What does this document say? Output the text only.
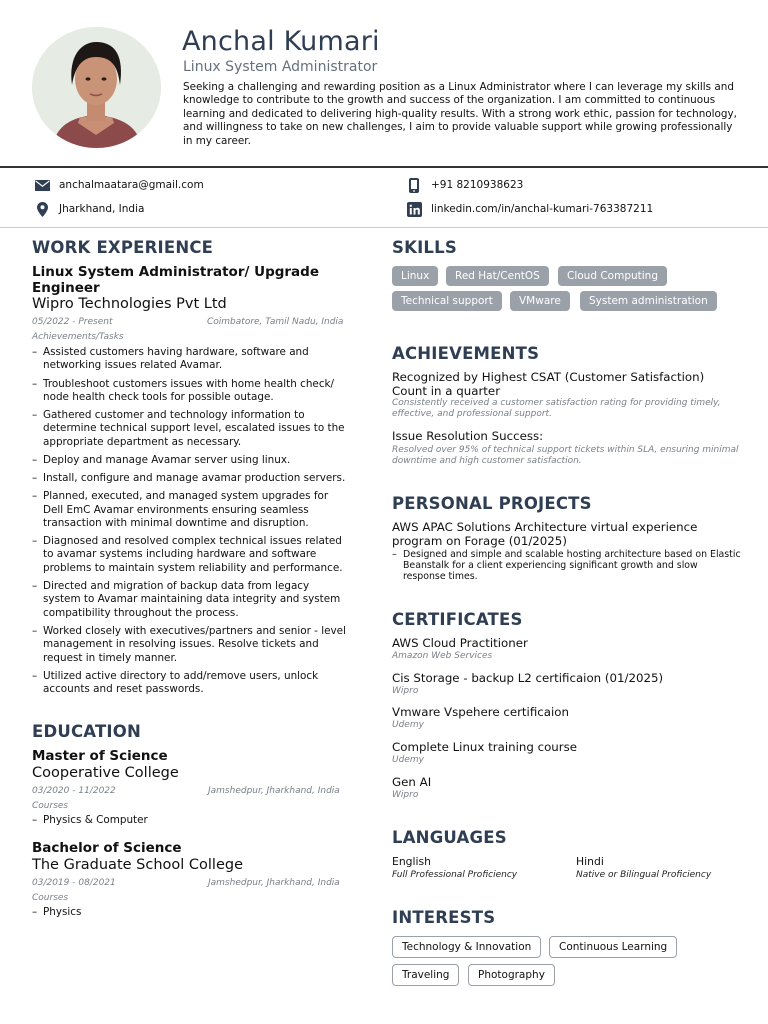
Anchal Kumari
Linux System Administrator
Seeking a challenging and rewarding position as a Linux Administrator where I can leverage my skills and knowledge to contribute to the growth and success of the organization. I am committed to continuous learning and dedicated to delivering high-quality results. With a strong work ethic, passion for technology, and willingness to take on new challenges, I aim to provide valuable support while growing professionally in my career.
anchalmaatara@gmail.com	+91 8210938623
Jharkhand, India	linkedin.com/in/anchal-kumari-763387211
WORK EXPERIENCE
Linux System Administrator/ Upgrade Engineer
Wipro Technologies Pvt Ltd
05/2022 - Present	Coimbatore, Tamil Nadu, India
Achievements/Tasks
– Assisted customers having hardware, software and networking issues related Avamar.
– Troubleshoot customers issues with home health check/ node health check tools for possible outage.
– Gathered customer and technology information to determine technical support level, escalated issues to the appropriate department as necessary.
– Deploy and manage Avamar server using linux.
– Install, configure and manage avamar production servers.
– Planned, executed, and managed system upgrades for Dell EmC Avamar environments ensuring seamless transaction with minimal downtime and disruption.
– Diagnosed and resolved complex technical issues related to avamar systems including hardware and software problems to maintain system reliability and performance.
– Directed and migration of backup data from legacy system to Avamar maintaining data integrity and system compatibility throughout the process.
– Worked closely with executives/partners and senior - level management in resolving issues. Resolve tickets and request in timely manner.
– Utilized active directory to add/remove users, unlock accounts and reset passwords.
EDUCATION
Master of Science
Cooperative College
03/2020 - 11/2022	Jamshedpur, Jharkhand, India
Courses
– Physics & Computer
Bachelor of Science
The Graduate School College
03/2019 - 08/2021	Jamshedpur, Jharkhand, India
Courses
– Physics
SKILLS
Linux	Red Hat/CentOS	Cloud Computing
Technical support	VMware	System administration
ACHIEVEMENTS
Recognized by Highest CSAT (Customer Satisfaction) Count in a quarter
Consistently received a customer satisfaction rating for providing timely, effective, and professional support.
Issue Resolution Success:
Resolved over 95% of technical support tickets within SLA, ensuring minimal downtime and high customer satisfaction.
PERSONAL PROJECTS
AWS APAC Solutions Architecture virtual experience program on Forage (01/2025)
– Designed and simple and scalable hosting architecture based on Elastic Beanstalk for a client experiencing significant growth and slow response times.
CERTIFICATES
AWS Cloud Practitioner
Amazon Web Services
Cis Storage - backup L2 certificaion (01/2025)
Wipro
Vmware Vspehere certificaion
Udemy
Complete Linux training course
Udemy
Gen AI
Wipro
LANGUAGES
English
Full Professional Proficiency
Hindi
Native or Bilingual Proficiency
INTERESTS
Technology & Innovation	Continuous Learning
Traveling	Photography
